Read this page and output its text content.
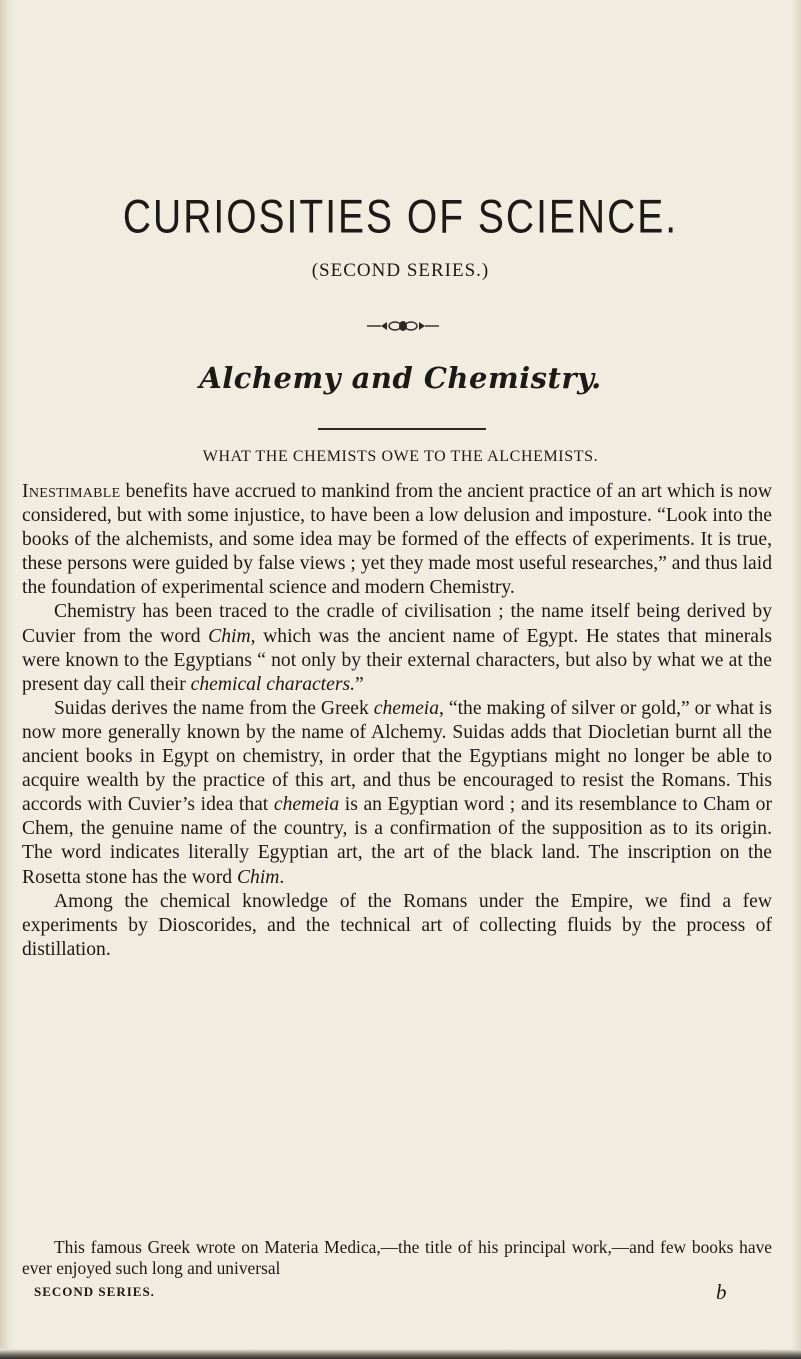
CURIOSITIES OF SCIENCE.
(SECOND SERIES.)
Alchemy and Chemistry.
WHAT THE CHEMISTS OWE TO THE ALCHEMISTS.

Inestimable benefits have accrued to mankind from the ancient practice of an art which is now considered, but with some injustice, to have been a low delusion and imposture. “Look into the books of the alchemists, and some idea may be formed of the effects of experiments. It is true, these persons were guided by false views ; yet they made most useful researches,” and thus laid the foundation of experimental science and modern Chemistry.

Chemistry has been traced to the cradle of civilisation ; the name itself being derived by Cuvier from the word Chim, which was the ancient name of Egypt. He states that minerals were known to the Egyptians “ not only by their external characters, but also by what we at the present day call their chemical characters.”

Suidas derives the name from the Greek chemeia, “the making of silver or gold,” or what is now more generally known by the name of Alchemy. Suidas adds that Diocletian burnt all the ancient books in Egypt on chemistry, in order that the Egyptians might no longer be able to acquire wealth by the practice of this art, and thus be encouraged to resist the Romans. This accords with Cuvier’s idea that chemeia is an Egyptian word ; and its resemblance to Cham or Chem, the genuine name of the country, is a confirmation of the supposition as to its origin. The word indicates literally Egyptian art, the art of the black land. The inscription on the Rosetta stone has the word Chim.

Among the chemical knowledge of the Romans under the Empire, we find a few experiments by Dioscorides, and the technical art of collecting fluids by the process of distillation.

This famous Greek wrote on Materia Medica,—the title of his principal work,—and few books have ever enjoyed such long and universal

SECOND SERIES.	b
